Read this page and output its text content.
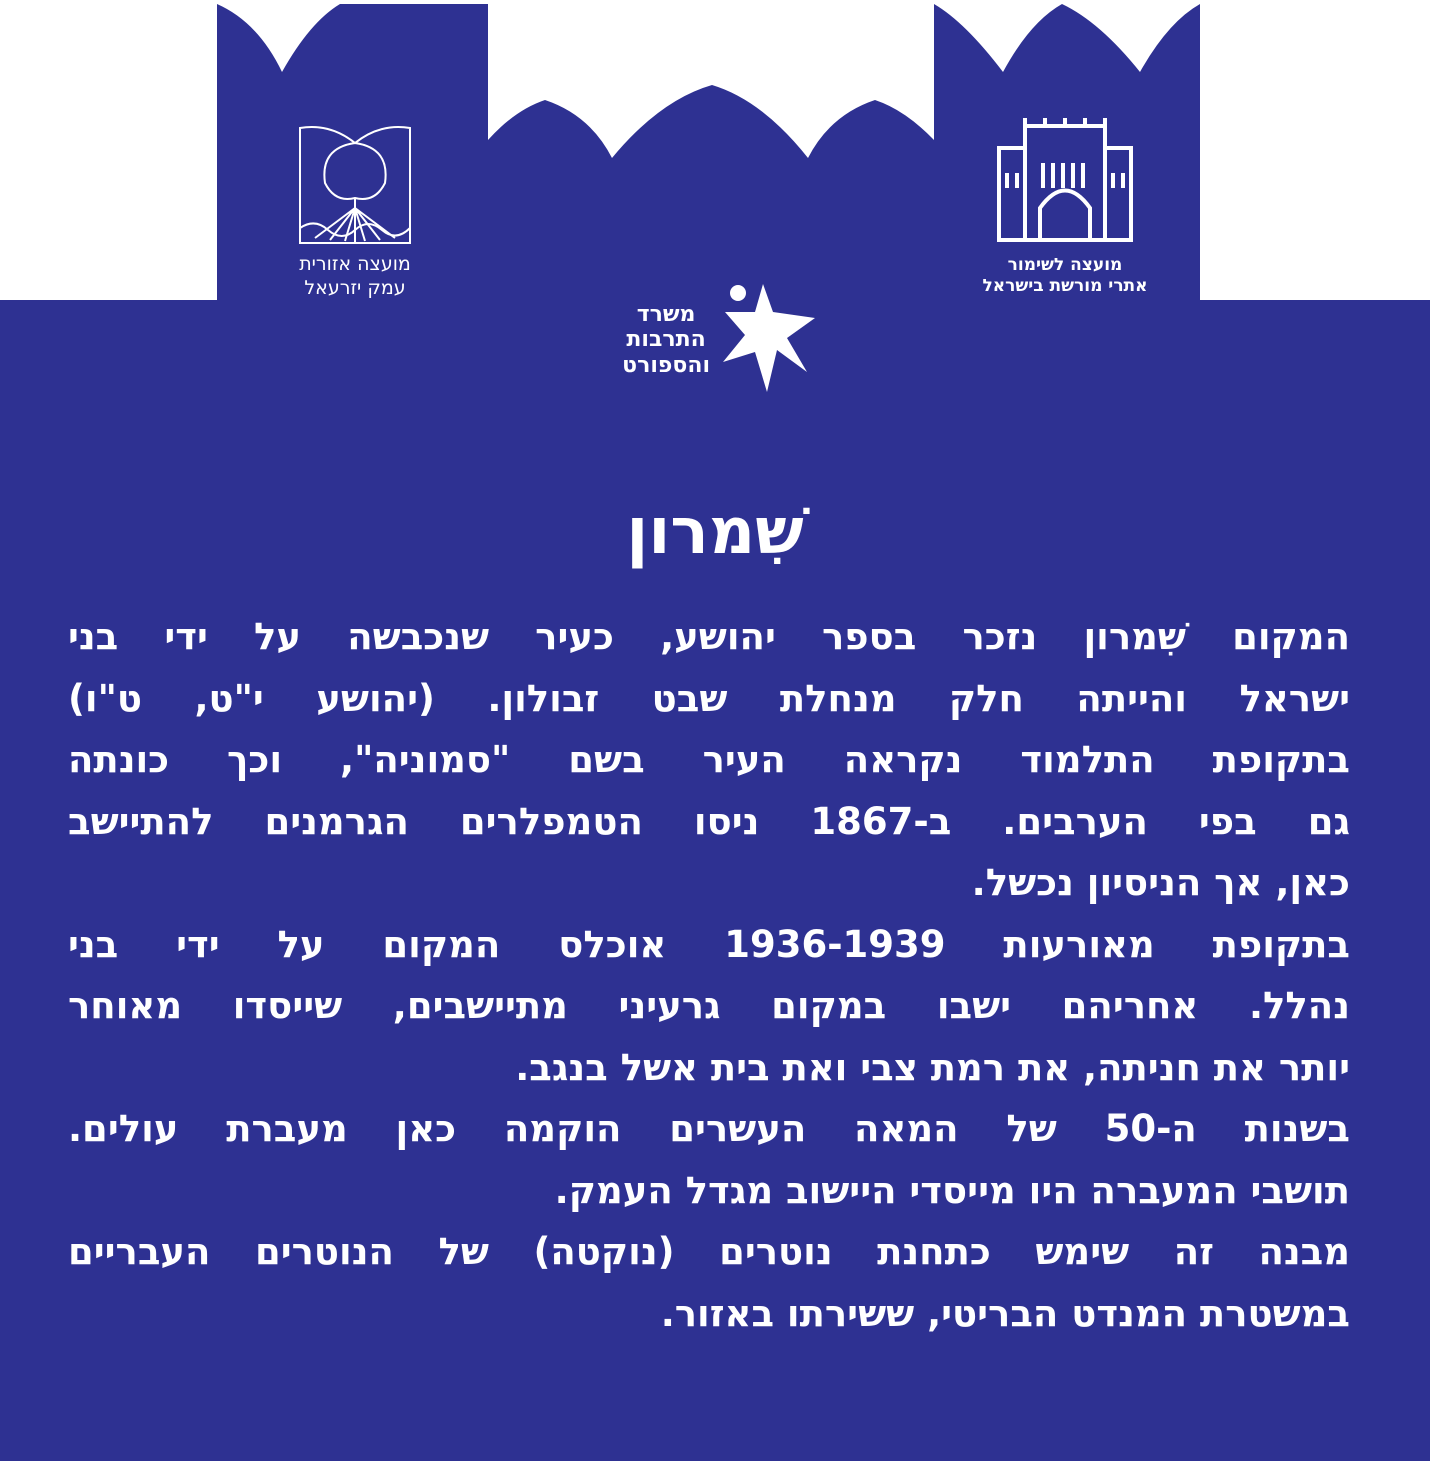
מועצה אזורית
עמק יזרעאל
מועצה לשימור
אתרי מורשת בישראל
משרד
התרבות
והספורט
שִׁמרון
המקום שִׁמרון נזכר בספר יהושע, כעיר שנכבשה על ידי בני
ישראל והייתה חלק מנחלת שבט זבולון. (יהושע י"ט, ט"ו)
בתקופת התלמוד נקראה העיר בשם "סמוניה", וכך כונתה
גם בפי הערבים. ב-1867 ניסו הטמפלרים הגרמנים להתיישב
כאן, אך הניסיון נכשל.
בתקופת מאורעות 1936-1939 אוכלס המקום על ידי בני
נהלל. אחריהם ישבו במקום גרעיני מתיישבים, שייסדו מאוחר
יותר את חניתה, את רמת צבי ואת בית אשל בנגב.
בשנות ה-50 של המאה העשרים הוקמה כאן מעברת עולים.
תושבי המעברה היו מייסדי היישוב מגדל העמק.
מבנה זה שימש כתחנת נוטרים (נוקטה) של הנוטרים העבריים
במשטרת המנדט הבריטי, ששירתו באזור.
